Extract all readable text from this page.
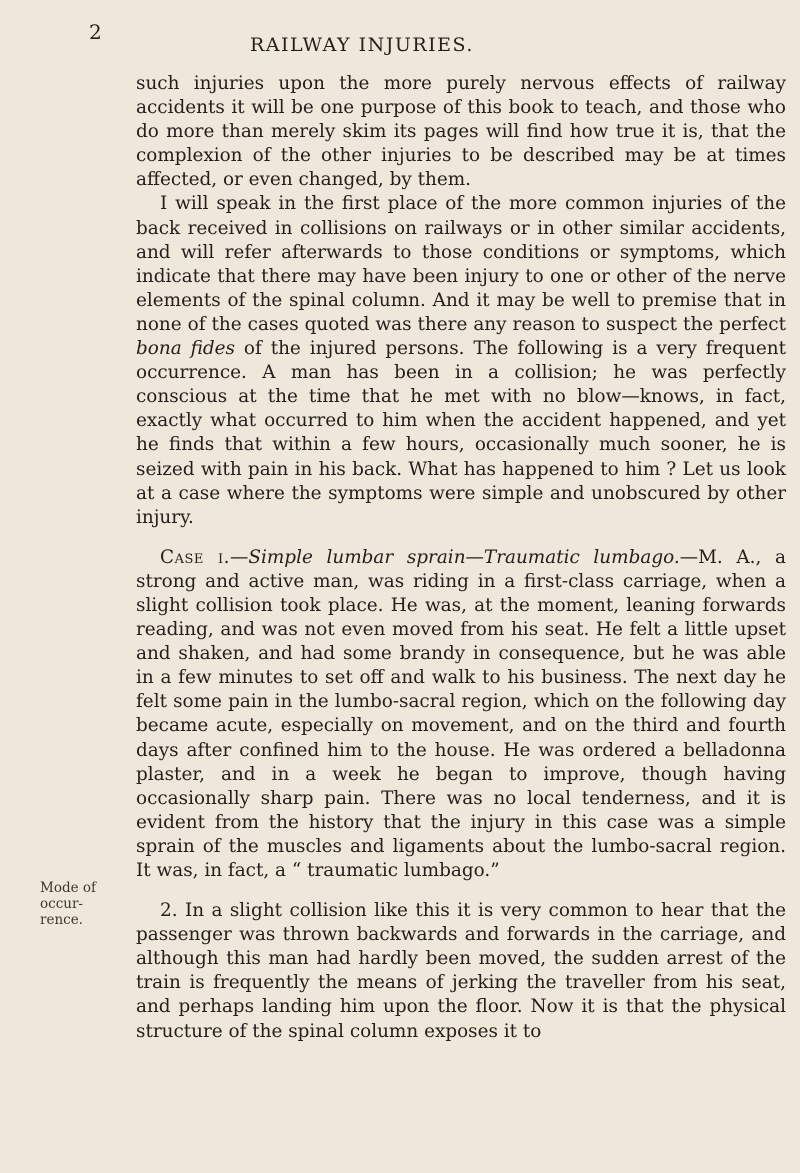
2
RAILWAY INJURIES.

such injuries upon the more purely nervous effects of railway accidents it will be one purpose of this book to teach, and those who do more than merely skim its pages will find how true it is, that the complexion of the other injuries to be described may be at times affected, or even changed, by them.

I will speak in the first place of the more common injuries of the back received in collisions on railways or in other similar accidents, and will refer afterwards to those conditions or symptoms, which indicate that there may have been injury to one or other of the nerve elements of the spinal column. And it may be well to premise that in none of the cases quoted was there any reason to suspect the perfect bona fides of the injured persons. The following is a very frequent occurrence. A man has been in a collision; he was perfectly conscious at the time that he met with no blow—knows, in fact, exactly what occurred to him when the accident happened, and yet he finds that within a few hours, occasionally much sooner, he is seized with pain in his back. What has happened to him ? Let us look at a case where the symptoms were simple and unobscured by other injury.

Case i.—Simple lumbar sprain—Traumatic lumbago.—M. A., a strong and active man, was riding in a first-class carriage, when a slight collision took place. He was, at the moment, leaning forwards reading, and was not even moved from his seat. He felt a little upset and shaken, and had some brandy in consequence, but he was able in a few minutes to set off and walk to his business. The next day he felt some pain in the lumbo-sacral region, which on the following day became acute, especially on movement, and on the third and fourth days after confined him to the house. He was ordered a belladonna plaster, and in a week he began to improve, though having occasionally sharp pain. There was no local tenderness, and it is evident from the history that the injury in this case was a simple sprain of the muscles and ligaments about the lumbo-sacral region. It was, in fact, a “ traumatic lumbago.”

2. In a slight collision like this it is very common to hear that the passenger was thrown backwards and forwards in the carriage, and although this man had hardly been moved, the sudden arrest of the train is frequently the means of jerking the traveller from his seat, and perhaps landing him upon the floor. Now it is that the physical structure of the spinal column exposes it to

Mode of
occur-
rence.
